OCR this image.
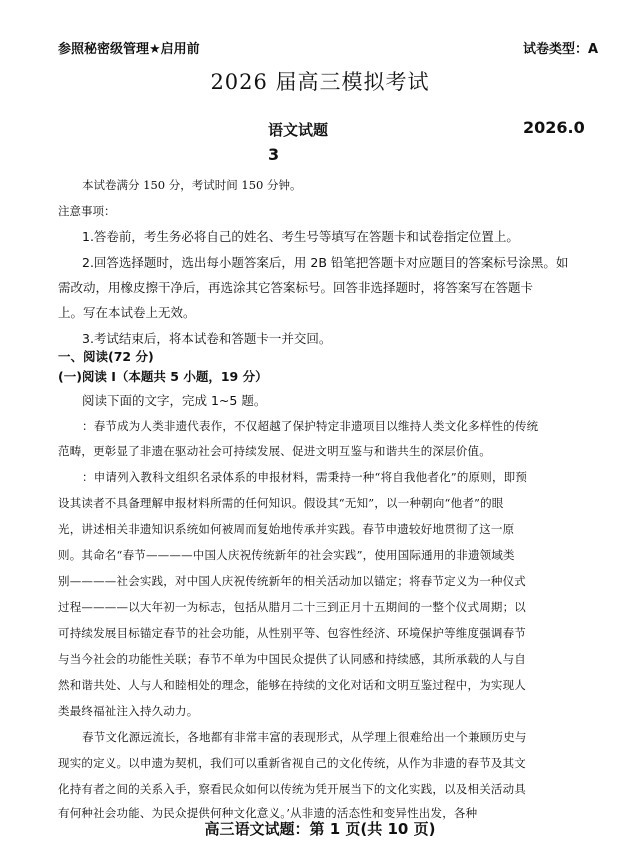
参照秘密级管理★启用前	试卷类型：A
2026 届高三模拟考试
语文试题	2026.0
3
本试卷满分 150 分，考试时间 150 分钟。
注意事项：
1.答卷前，考生务必将自己的姓名、考生号等填写在答题卡和试卷指定位置上。
2.回答选择题时，选出每小题答案后，用 2B 铅笔把答题卡对应题目的答案标号涂黑。如
需改动，用橡皮擦干净后，再选涂其它答案标号。回答非选择题时，将答案写在答题卡
上。写在本试卷上无效。
3.考试结束后，将本试卷和答题卡一并交回。
一、阅读(72 分)
(一)阅读 I（本题共 5 小题，19 分）
阅读下面的文字，完成 1~5 题。
：春节成为人类非遗代表作，不仅超越了保护特定非遗项目以维持人类文化多样性的传统
范畴，更彰显了非遗在驱动社会可持续发展、促进文明互鉴与和谐共生的深层价值。
：申请列入教科文组织名录体系的申报材料，需秉持一种“将自我他者化”的原则，即预
设其读者不具备理解申报材料所需的任何知识。假设其“无知”，以一种朝向“他者”的眼
光，讲述相关非遗知识系统如何被周而复始地传承并实践。春节申遗较好地贯彻了这一原
则。其命名“春节————中国人庆祝传统新年的社会实践”，使用国际通用的非遗领域类
别————社会实践，对中国人庆祝传统新年的相关活动加以锚定；将春节定义为一种仪式
过程————以大年初一为标志，包括从腊月二十三到正月十五期间的一整个仪式周期；以
可持续发展目标锚定春节的社会功能，从性别平等、包容性经济、环境保护等维度强调春节
与当今社会的功能性关联；春节不单为中国民众提供了认同感和持续感，其所承载的人与自
然和谐共处、人与人和睦相处的理念，能够在持续的文化对话和文明互鉴过程中，为实现人
类最终福祉注入持久动力。
春节文化源远流长，各地都有非常丰富的表现形式，从学理上很难给出一个兼顾历史与
现实的定义。以申遗为契机，我们可以重新省视自己的文化传统，从作为非遗的春节及其文
化持有者之间的关系入手，察看民众如何以传统为凭开展当下的文化实践，以及相关活动具
有何种社会功能、为民众提供何种文化意义。’从非遗的活态性和变异性出发，各种
高三语文试题：第 1 页(共 10 页)
